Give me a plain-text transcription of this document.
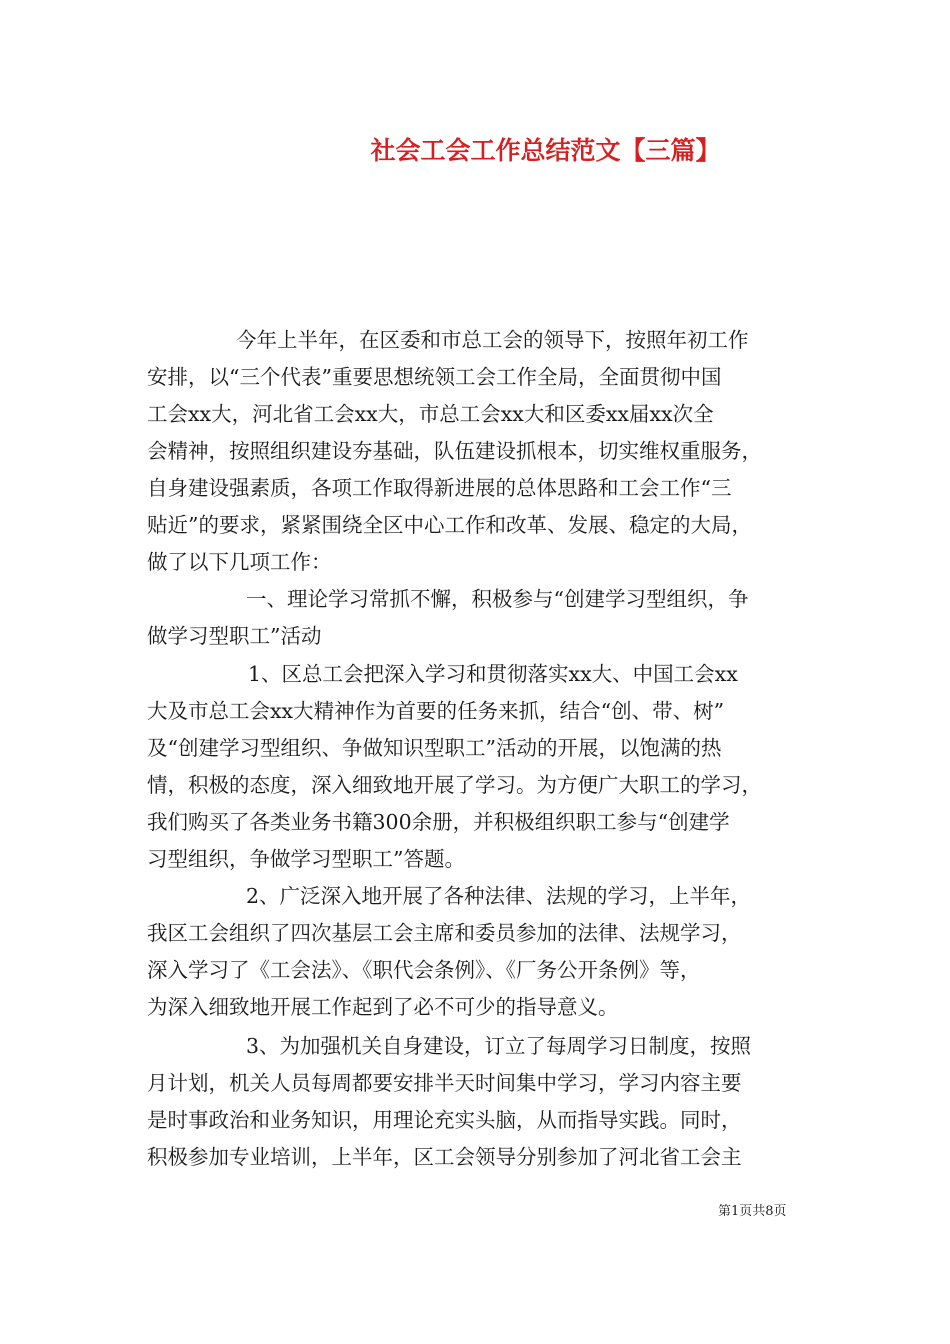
社会工会工作总结范文【三篇】
今年上半年，在区委和市总工会的领导下，按照年初工作
安排，以“三个代表”重要思想统领工会工作全局，全面贯彻中国
工会xx大，河北省工会xx大，市总工会xx大和区委xx届xx次全
会精神，按照组织建设夯基础，队伍建设抓根本，切实维权重服务，
自身建设强素质，各项工作取得新进展的总体思路和工会工作“三
贴近”的要求，紧紧围绕全区中心工作和改革、发展、稳定的大局，
做了以下几项工作：
一、理论学习常抓不懈，积极参与“创建学习型组织，争
做学习型职工”活动
1、区总工会把深入学习和贯彻落实xx大、中国工会xx
大及市总工会xx大精神作为首要的任务来抓，结合“创、带、树”
及“创建学习型组织、争做知识型职工”活动的开展，以饱满的热
情，积极的态度，深入细致地开展了学习。为方便广大职工的学习，
我们购买了各类业务书籍300余册，并积极组织职工参与“创建学
习型组织，争做学习型职工”答题。
2、广泛深入地开展了各种法律、法规的学习，上半年，
我区工会组织了四次基层工会主席和委员参加的法律、法规学习，
深入学习了《工会法》、《职代会条例》、《厂务公开条例》等，
为深入细致地开展工作起到了必不可少的指导意义。
3、为加强机关自身建设，订立了每周学习日制度，按照
月计划，机关人员每周都要安排半天时间集中学习，学习内容主要
是时事政治和业务知识，用理论充实头脑，从而指导实践。同时，
积极参加专业培训，上半年，区工会领导分别参加了河北省工会主
第1页共8页
